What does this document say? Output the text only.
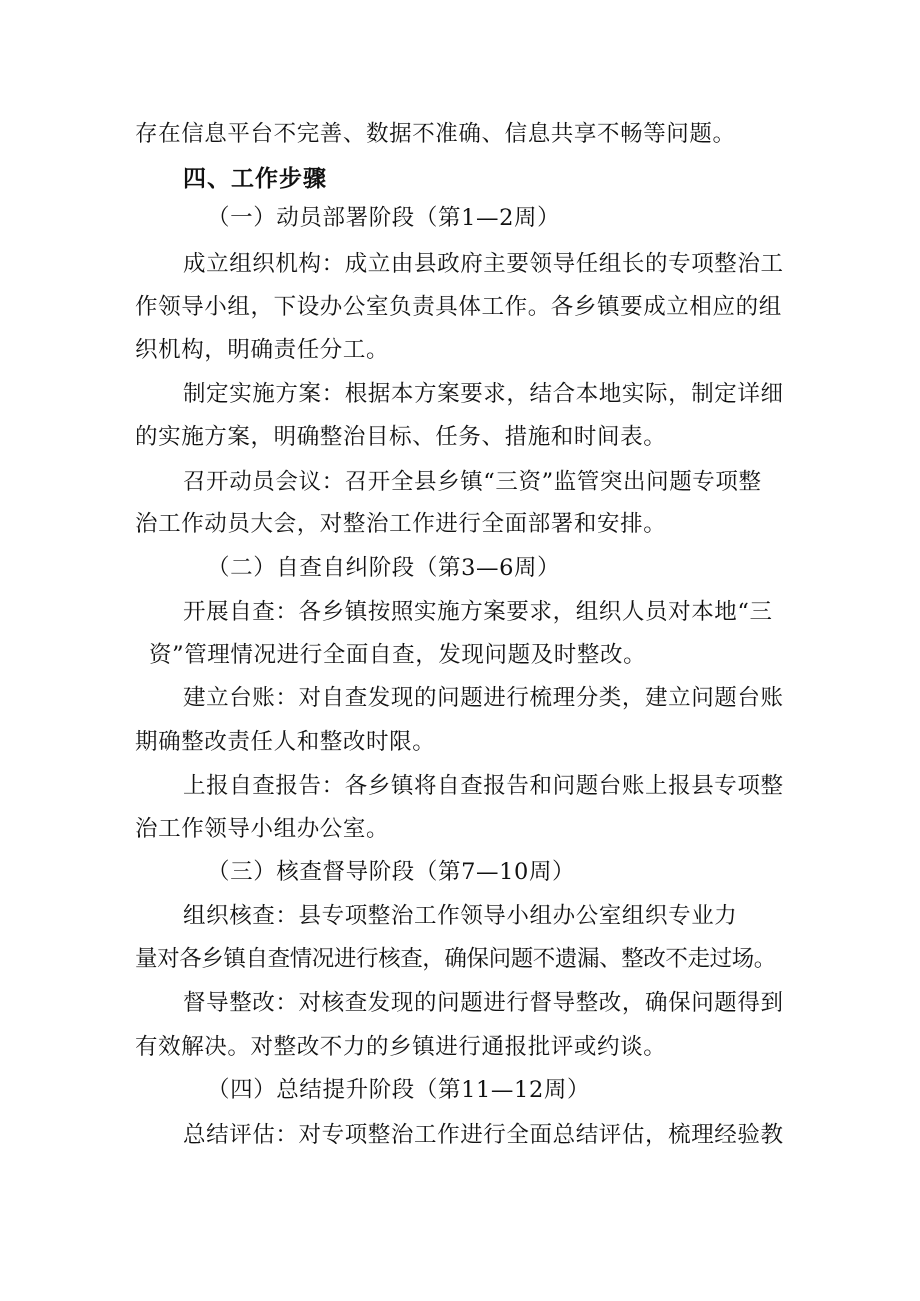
存在信息平台不完善、数据不准确、信息共享不畅等问题。
四、工作步骤
（一）动员部署阶段（第1—2周）
成立组织机构：成立由县政府主要领导任组长的专项整治工
作领导小组，下设办公室负责具体工作。各乡镇要成立相应的组
织机构，明确责任分工。
制定实施方案：根据本方案要求，结合本地实际，制定详细
的实施方案，明确整治目标、任务、措施和时间表。
召开动员会议：召开全县乡镇“三资”监管突出问题专项整
治工作动员大会，对整治工作进行全面部署和安排。
（二）自查自纠阶段（第3—6周）
开展自查：各乡镇按照实施方案要求，组织人员对本地“三
资”管理情况进行全面自查，发现问题及时整改。
建立台账：对自查发现的问题进行梳理分类，建立问题台账
期确整改责任人和整改时限。
上报自查报告：各乡镇将自查报告和问题台账上报县专项整
治工作领导小组办公室。
（三）核查督导阶段（第7—10周）
组织核查：县专项整治工作领导小组办公室组织专业力
量对各乡镇自查情况进行核查，确保问题不遗漏、整改不走过场。
督导整改：对核查发现的问题进行督导整改，确保问题得到
有效解决。对整改不力的乡镇进行通报批评或约谈。
（四）总结提升阶段（第11—12周）
总结评估：对专项整治工作进行全面总结评估，梳理经验教
